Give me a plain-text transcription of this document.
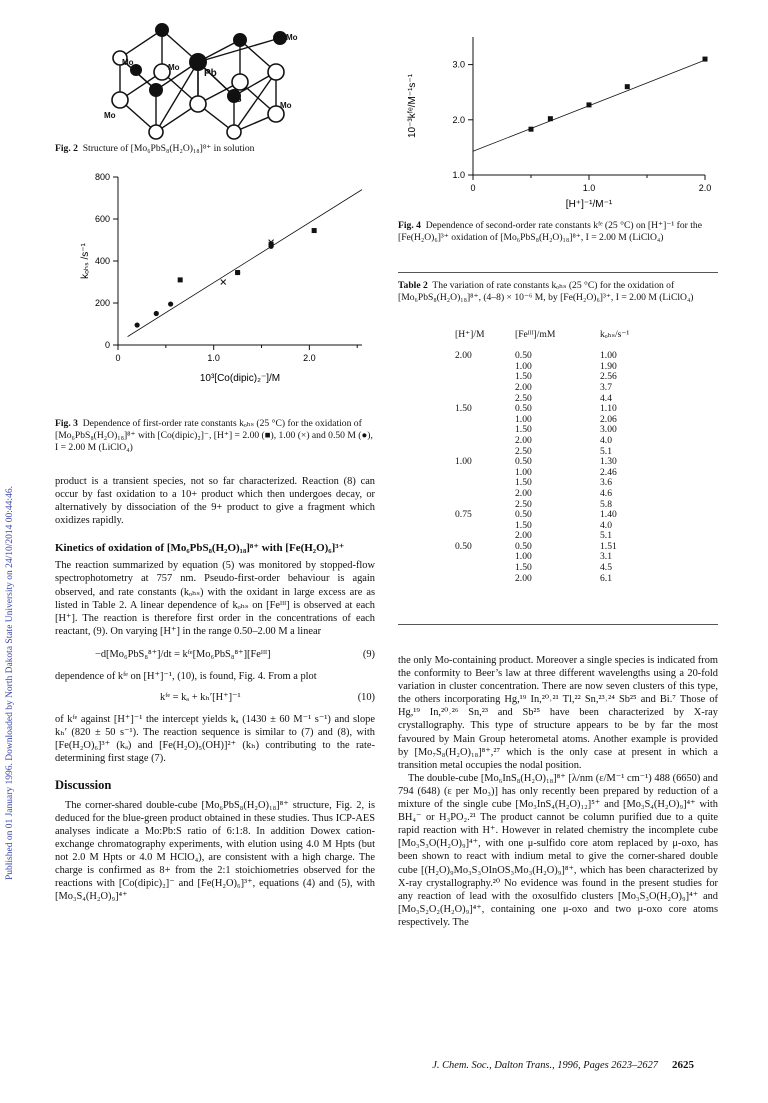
Published on 01 January 1996. Downloaded by North Dakota State University on 24/10/2014 00:44:46.
Mo
Mo
Pb
Mo
Mo
Mo
Mo
Fig. 2 Structure of [Mo₆PbS₈(H₂O)₁₈]⁸⁺ in solution
0
200
400
600
800
0	1.0	2.0
10³[Co(dipic)₂⁻]/M
kₒₕₛ /s⁻¹
Fig. 3 Dependence of first-order rate constants kₒₕₛ (25 °C) for the oxidation of [Mo₆PbS₈(H₂O)₁₈]⁸⁺ with [Co(dipic)₂]⁻, [H⁺] = 2.00 (■), 1.00 (×) and 0.50 M (●), I = 2.00 M (LiClO₄)

product is a transient species, not so far characterized. Reaction (8) can occur by fast oxidation to a 10+ product which then undergoes decay, or alternatively by dissociation of the 9+ product to give a fragment which oxidizes rapidly.

Kinetics of oxidation of [Mo₆PbS₈(H₂O)₁₈]⁸⁺ with [Fe(H₂O)₆]³⁺

The reaction summarized by equation (5) was monitored by stopped-flow spectrophotometry at 757 nm. Pseudo-first-order behaviour is again observed, and rate constants (kₒₕₛ) with the oxidant in large excess are as listed in Table 2. A linear dependence of kₒₕₛ on [Feᴵᴵᴵ] is observed at each [H⁺]. The reaction is therefore first order in the concentrations of each reactant, (9). On varying [H⁺] in the range 0.50–2.00 M a linear

−d[Mo₆PbS₈⁸⁺]/dt = kᶠᵉ[Mo₆PbS₈⁸⁺][Feᴵᴵᴵ]	(9)

dependence of kᶠᵉ on [H⁺]⁻¹, (10), is found, Fig. 4. From a plot

kᶠᵉ = kₐ + kₕ′[H⁺]⁻¹	(10)

of kᶠᵉ against [H⁺]⁻¹ the intercept yields kₐ (1430 ± 60 M⁻¹ s⁻¹) and slope kₕ′ (820 ± 50 s⁻¹). The reaction sequence is similar to (7) and (8), with [Fe(H₂O)₆]³⁺ (kₐ) and [Fe(H₂O)₅(OH)]²⁺ (kₕ) contributing to the rate-determining first stage (7).

Discussion

The corner-shared double-cube [Mo₆PbS₈(H₂O)₁₈]⁸⁺ structure, Fig. 2, is deduced for the blue-green product obtained in these studies. Thus ICP-AES analyses indicate a Mo:Pb:S ratio of 6:1:8. In addition Dowex cation-exchange chromatography experiments, with elution using 4.0 M Hpts (but not 2.0 M Hpts or 4.0 M HClO₄), are consistent with a high charge. The charge is confirmed as 8+ from the 2:1 stoichiometries observed for the reactions with [Co(dipic)₂]⁻ and [Fe(H₂O)₆]³⁺, equations (4) and (5), with [Mo₃S₄(H₂O)₉]⁴⁺

1.0
2.0
3.0
0	1.0	2.0
[H⁺]⁻¹/M⁻¹
10⁻³kᶠᵉ/M⁻¹s⁻¹
Fig. 4 Dependence of second-order rate constants kᶠᵉ (25 °C) on [H⁺]⁻¹ for the [Fe(H₂O)₆]³⁺ oxidation of [Mo₆PbS₈(H₂O)₁₈]⁸⁺, I = 2.00 M (LiClO₄)
Table 2 The variation of rate constants kₒₕₛ (25 °C) for the oxidation of [Mo₆PbS₈(H₂O)₁₈]⁸⁺, (4–8) × 10⁻⁶ M, by [Fe(H₂O)₆]³⁺, I = 2.00 M (LiClO₄)
[H⁺]/M	[Feᴵᴵᴵ]/mM	kₒₕₛ/s⁻¹

2.00	0.50	1.00
	1.00	1.90
	1.50	2.56
	2.00	3.7
	2.50	4.4
1.50	0.50	1.10
	1.00	2.06
	1.50	3.00
	2.00	4.0
	2.50	5.1
1.00	0.50	1.30
	1.00	2.46
	1.50	3.6
	2.00	4.6
	2.50	5.8
0.75	0.50	1.40
	1.50	4.0
	2.00	5.1
0.50	0.50	1.51
	1.00	3.1
	1.50	4.5
	2.00	6.1

the only Mo-containing product. Moreover a single species is indicated from the conformity to Beer’s law at three different wavelengths using a 20-fold variation in cluster concentration. There are now seven clusters of this type, the others incorporating Hg,¹⁹ In,²⁰˒²¹ Tl,²² Sn,²³˒²⁴ Sb²⁵ and Bi.⁷ Those of Hg,¹⁹ In,²⁰˒²⁶ Sn,²³ and Sb²⁵ have been characterized by X-ray crystallography. This type of structure appears to be by far the most favoured by Main Group heterometal atoms. Another example is provided by [Mo₇S₈(H₂O)₁₈]⁸⁺,²⁷ which is the only case at present in which a transition metal occupies the nodal position.

The double-cube [Mo₆InS₈(H₂O)₁₈]⁸⁺ [λ/nm (ε/M⁻¹ cm⁻¹) 488 (6650) and 794 (648) (ε per Mo₃)] has only recently been prepared by reduction of a mixture of the single cube [Mo₃InS₄(H₂O)₁₂]⁵⁺ and [Mo₃S₄(H₂O)₉]⁴⁺ with BH₄⁻ or H₃PO₂.²¹ The product cannot be column purified due to a quite rapid reaction with H⁺. However in related chemistry the incomplete cube [Mo₃S₃O(H₂O)₉]⁴⁺, with one μ-sulfido core atom replaced by μ-oxo, has been shown to react with indium metal to give the corner-shared double cube [(H₂O)₉Mo₃S₃OInOS₃Mo₃(H₂O)₉]⁸⁺, which has been characterized by X-ray crystallography.²⁰ No evidence was found in the present studies for any reaction of lead with the oxosulfido clusters [Mo₃S₃O(H₂O)₉]⁴⁺ and [Mo₃S₂O₂(H₂O)₉]⁴⁺, containing one μ-oxo and two μ-oxo core atoms respectively. The

J. Chem. Soc., Dalton Trans., 1996, Pages 2623–2627 2625
